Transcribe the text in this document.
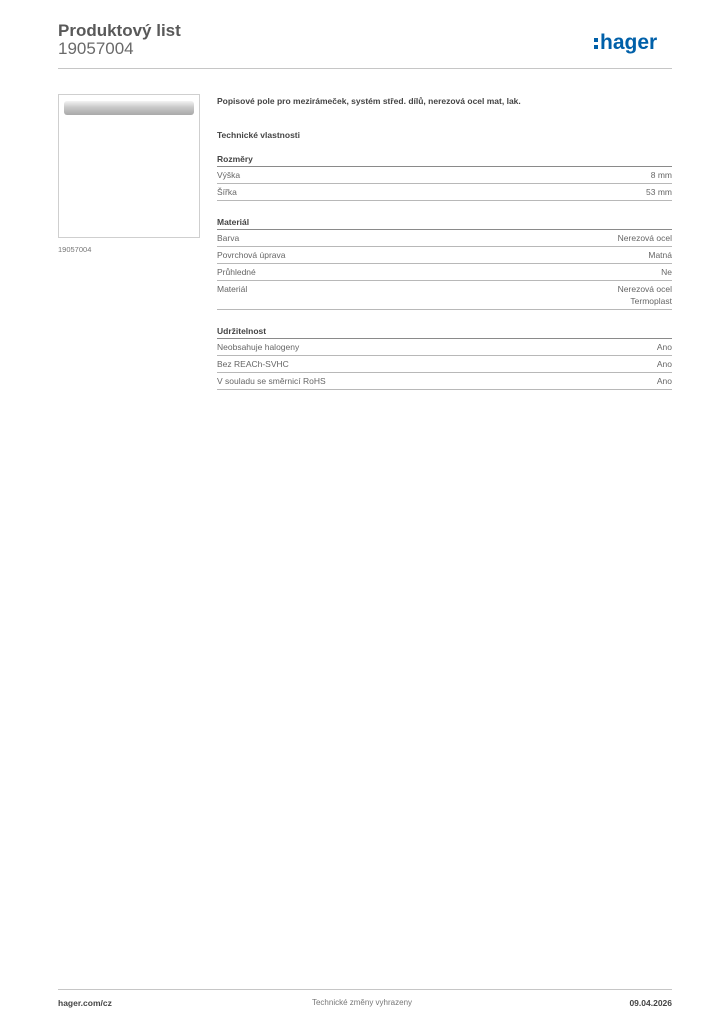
Produktový list
19057004	hager
19057004
Popisové pole pro mezirámeček, systém střed. dílů, nerezová ocel mat, lak.
Technické vlastnosti
Rozměry
Výška	8 mm
Šířka	53 mm
Materiál
Barva	Nerezová ocel
Povrchová úprava	Matná
Průhledné	Ne
Materiál	Nerezová ocel
Termoplast
Udržitelnost
Neobsahuje halogeny	Ano
Bez REACh-SVHC	Ano
V souladu se směrnicí RoHS	Ano
hager.com/cz	Technické změny vyhrazeny	09.04.2026
